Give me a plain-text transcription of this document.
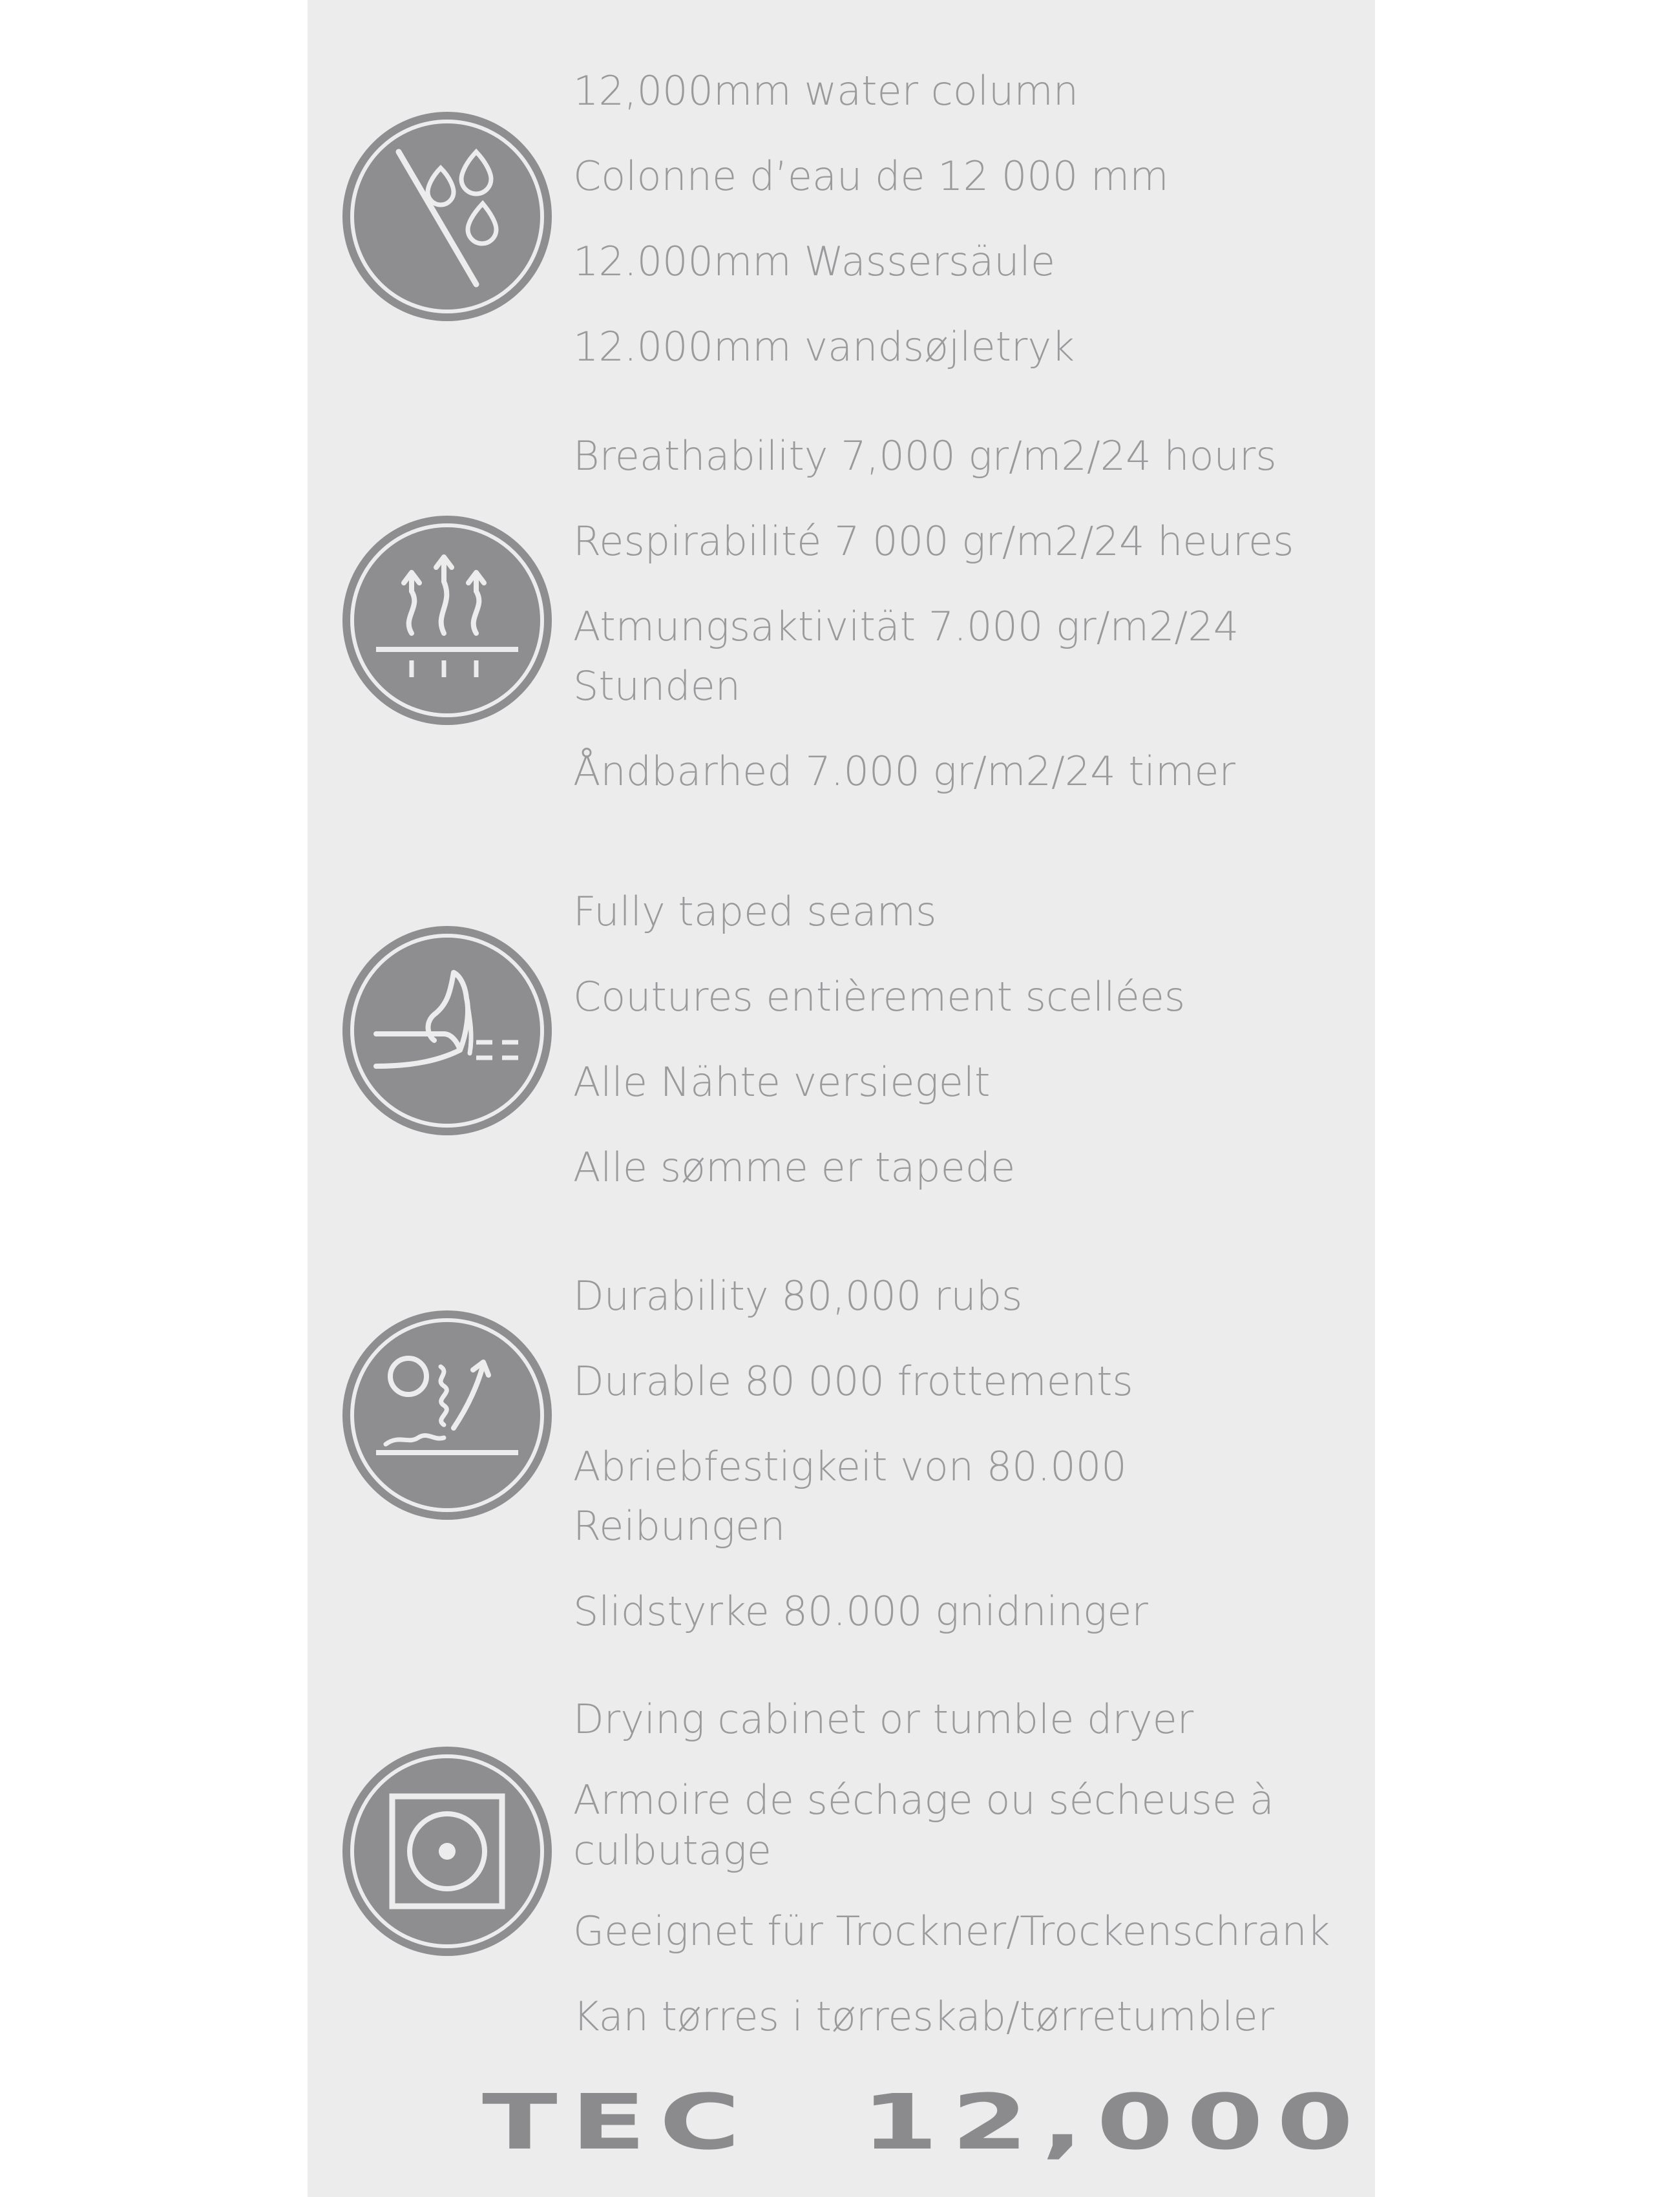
12,000mm water column
Colonne d’eau de 12 000 mm
12.000mm Wassersäule
12.000mm vandsøjletryk
Breathability 7,000 gr/m2/24 hours
Respirabilité 7 000 gr/m2/24 heures
Atmungsaktivität 7.000 gr/m2/24 Stunden
Åndbarhed 7.000 gr/m2/24 timer
Fully taped seams
Coutures entièrement scellées
Alle Nähte versiegelt
Alle sømme er tapede
Durability 80,000 rubs
Durable 80 000 frottements
Abriebfestigkeit von 80.000 Reibungen
Slidstyrke 80.000 gnidninger
Drying cabinet or tumble dryer
Armoire de séchage ou sécheuse à culbutage
Geeignet für Trockner/Trockenschrank
Kan tørres i tørreskab/tørretumbler
TEC 12,000
